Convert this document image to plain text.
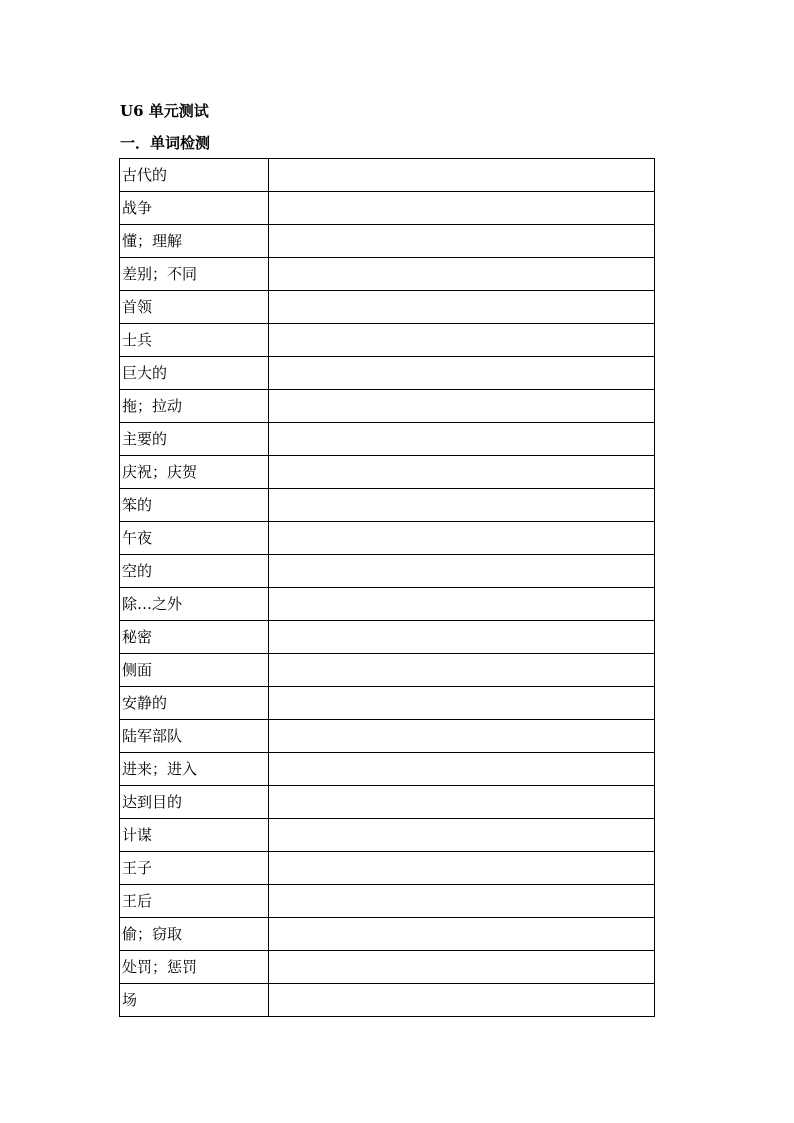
U6 单元测试
一．单词检测
古代的	
战争	
懂；理解	
差别；不同	
首领	
士兵	
巨大的	
拖；拉动	
主要的	
庆祝；庆贺	
笨的	
午夜	
空的	
除…之外	
秘密	
侧面	
安静的	
陆军部队	
进来；进入	
达到目的	
计谋	
王子	
王后	
偷；窃取	
处罚；惩罚	
场	
